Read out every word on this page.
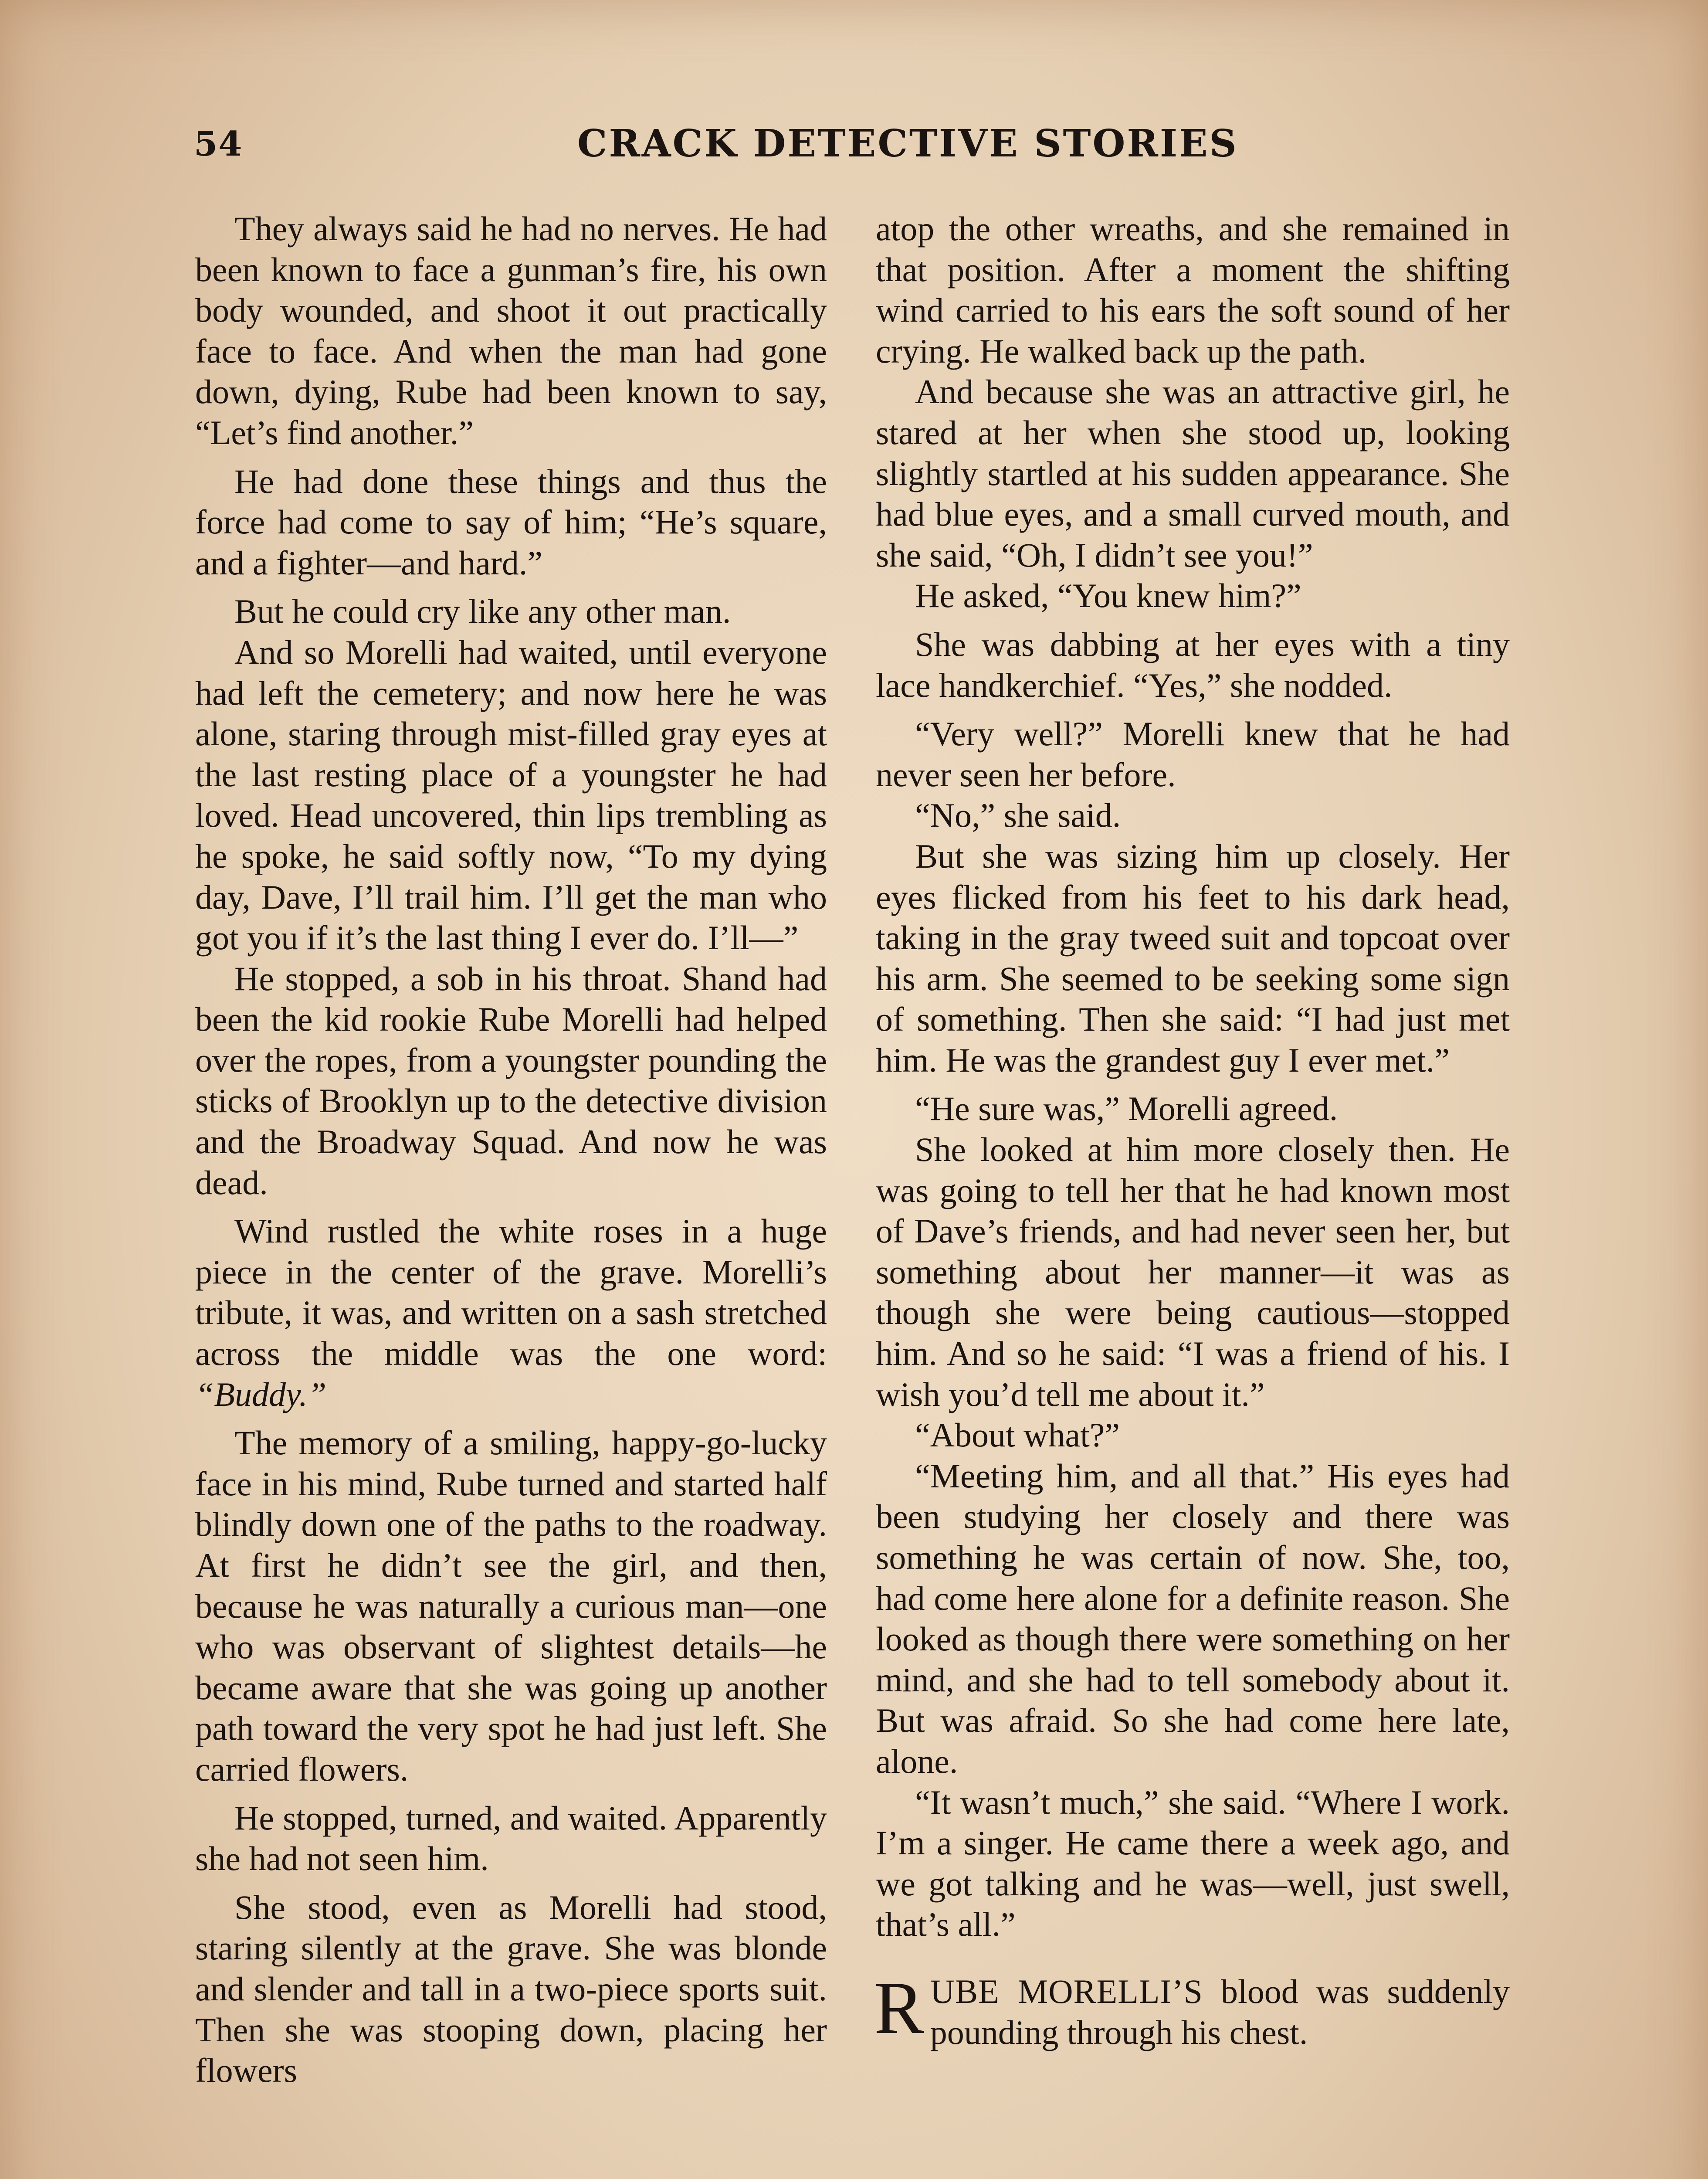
54	CRACK DETECTIVE STORIES

They always said he had no nerves. He had been known to face a gunman’s fire, his own body wounded, and shoot it out practically face to face. And when the man had gone down, dying, Rube had been known to say, “Let’s find another.”

He had done these things and thus the force had come to say of him; “He’s square, and a fighter—and hard.”

But he could cry like any other man.

And so Morelli had waited, until everyone had left the cemetery; and now here he was alone, staring through mist-filled gray eyes at the last resting place of a youngster he had loved. Head uncovered, thin lips trembling as he spoke, he said softly now, “To my dying day, Dave, I’ll trail him. I’ll get the man who got you if it’s the last thing I ever do. I’ll—”

He stopped, a sob in his throat. Shand had been the kid rookie Rube Morelli had helped over the ropes, from a youngster pounding the sticks of Brooklyn up to the detective division and the Broadway Squad. And now he was dead.

Wind rustled the white roses in a huge piece in the center of the grave. Morelli’s tribute, it was, and written on a sash stretched across the middle was the one word: “Buddy.”

The memory of a smiling, happy-go-lucky face in his mind, Rube turned and started half blindly down one of the paths to the roadway. At first he didn’t see the girl, and then, because he was naturally a curious man—one who was observant of slightest details—he became aware that she was going up another path toward the very spot he had just left. She carried flowers.

He stopped, turned, and waited. Apparently she had not seen him.

She stood, even as Morelli had stood, staring silently at the grave. She was blonde and slender and tall in a two-piece sports suit. Then she was stooping down, placing her flowers

atop the other wreaths, and she remained in that position. After a moment the shifting wind carried to his ears the soft sound of her crying. He walked back up the path.

And because she was an attractive girl, he stared at her when she stood up, looking slightly startled at his sudden appearance. She had blue eyes, and a small curved mouth, and she said, “Oh, I didn’t see you!”

He asked, “You knew him?”

She was dabbing at her eyes with a tiny lace handkerchief. “Yes,” she nodded.

“Very well?” Morelli knew that he had never seen her before.

“No,” she said.

But she was sizing him up closely. Her eyes flicked from his feet to his dark head, taking in the gray tweed suit and topcoat over his arm. She seemed to be seeking some sign of something. Then she said: “I had just met him. He was the grandest guy I ever met.”

“He sure was,” Morelli agreed.

She looked at him more closely then. He was going to tell her that he had known most of Dave’s friends, and had never seen her, but something about her manner—it was as though she were being cautious—stopped him. And so he said: “I was a friend of his. I wish you’d tell me about it.”

“About what?”

“Meeting him, and all that.” His eyes had been studying her closely and there was something he was certain of now. She, too, had come here alone for a definite reason. She looked as though there were something on her mind, and she had to tell somebody about it. But was afraid. So she had come here late, alone.

“It wasn’t much,” she said. “Where I work. I’m a singer. He came there a week ago, and we got talking and he was—well, just swell, that’s all.”

RUBE MORELLI’S blood was suddenly pounding through his chest.
